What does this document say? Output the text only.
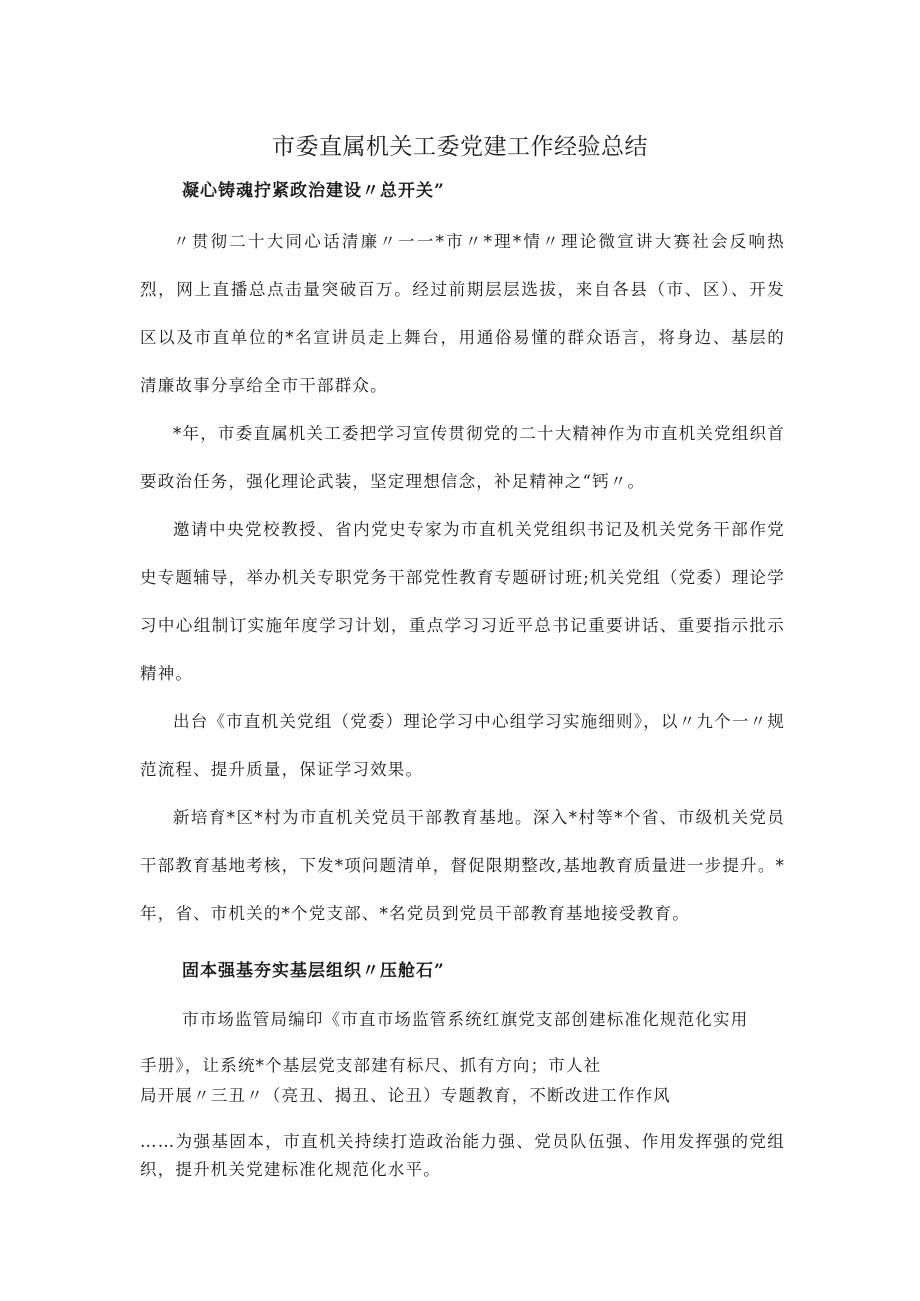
市委直属机关工委党建工作经验总结
凝心铸魂拧紧政治建设〃总开关”
〃贯彻二十大同心话清廉〃一一*市〃*理*情〃理论微宣讲大赛社会反响热烈，网上直播总点击量突破百万。经过前期层层选拔，来自各县（市、区）、开发区以及市直单位的*名宣讲员走上舞台，用通俗易懂的群众语言，将身边、基层的清廉故事分享给全市干部群众。
*年，市委直属机关工委把学习宣传贯彻党的二十大精神作为市直机关党组织首要政治任务，强化理论武装，坚定理想信念，补足精神之“钙〃。
邀请中央党校教授、省内党史专家为市直机关党组织书记及机关党务干部作党史专题辅导，举办机关专职党务干部党性教育专题研讨班;机关党组（党委）理论学习中心组制订实施年度学习计划，重点学习习近平总书记重要讲话、重要指示批示精神。
出台《市直机关党组（党委）理论学习中心组学习实施细则》，以〃九个一〃规范流程、提升质量，保证学习效果。
新培育*区*村为市直机关党员干部教育基地。深入*村等*个省、市级机关党员干部教育基地考核，下发*项问题清单，督促限期整改,基地教育质量进一步提升。*年，省、市机关的*个党支部、*名党员到党员干部教育基地接受教育。
固本强基夯实基层组织〃压舱石”
市市场监管局编印《市直市场监管系统红旗党支部创建标准化规范化实用
手册》，让系统*个基层党支部建有标尺、抓有方向；市人社
局开展〃三丑〃（亮丑、揭丑、论丑）专题教育，不断改进工作作风
……为强基固本，市直机关持续打造政治能力强、党员队伍强、作用发挥强的党组织，提升机关党建标准化规范化水平。
